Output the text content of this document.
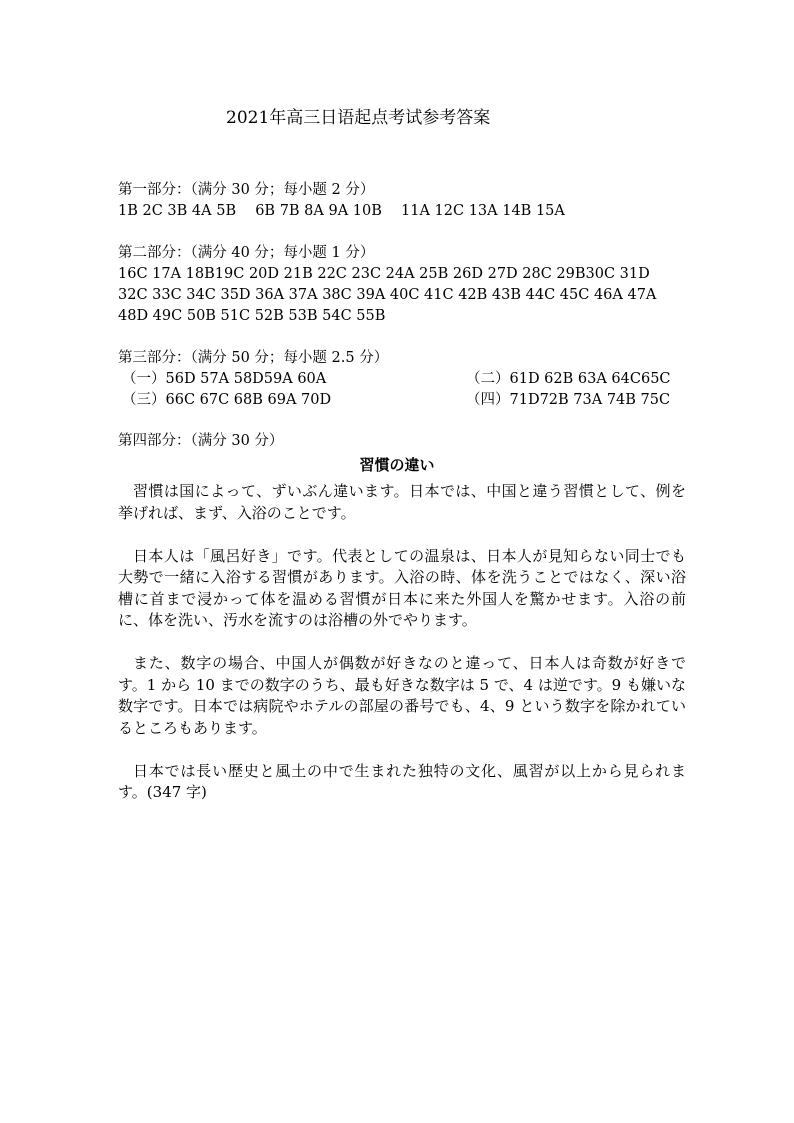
2021年高三日语起点考试参考答案
第一部分：（满分 30 分；每小题 2 分）
1B 2C 3B 4A 5B　 6B 7B 8A 9A 10B　 11A 12C 13A 14B 15A
第二部分：（满分 40 分；每小题 1 分）
16C 17A 18B19C 20D 21B 22C 23C 24A 25B 26D 27D 28C 29B30C 31D
32C 33C 34C 35D 36A 37A 38C 39A 40C 41C 42B 43B 44C 45C 46A 47A
48D 49C 50B 51C 52B 53B 54C 55B
第三部分：（满分 50 分；每小题 2.5 分）
（一）56D 57A 58D59A 60A	（二）61D 62B 63A 64C65C
（三）66C 67C 68B 69A 70D	（四）71D72B 73A 74B 75C
第四部分：（满分 30 分）
習慣の違い

習慣は国によって、ずいぶん違います。日本では、中国と違う習慣として、例を挙げれば、まず、入浴のことです。

日本人は「風呂好き」です。代表としての温泉は、日本人が見知らない同士でも大勢で一緒に入浴する習慣があります。入浴の時、体を洗うことではなく、深い浴槽に首まで浸かって体を温める習慣が日本に来た外国人を驚かせます。入浴の前に、体を洗い、汚水を流すのは浴槽の外でやります。

また、数字の場合、中国人が偶数が好きなのと違って、日本人は奇数が好きです。1 から 10 までの数字のうち、最も好きな数字は 5 で、4 は逆です。9 も嫌いな数字です。日本では病院やホテルの部屋の番号でも、4、9 という数字を除かれているところもあります。

日本では長い歴史と風土の中で生まれた独特の文化、風習が以上から見られます。(347 字)
